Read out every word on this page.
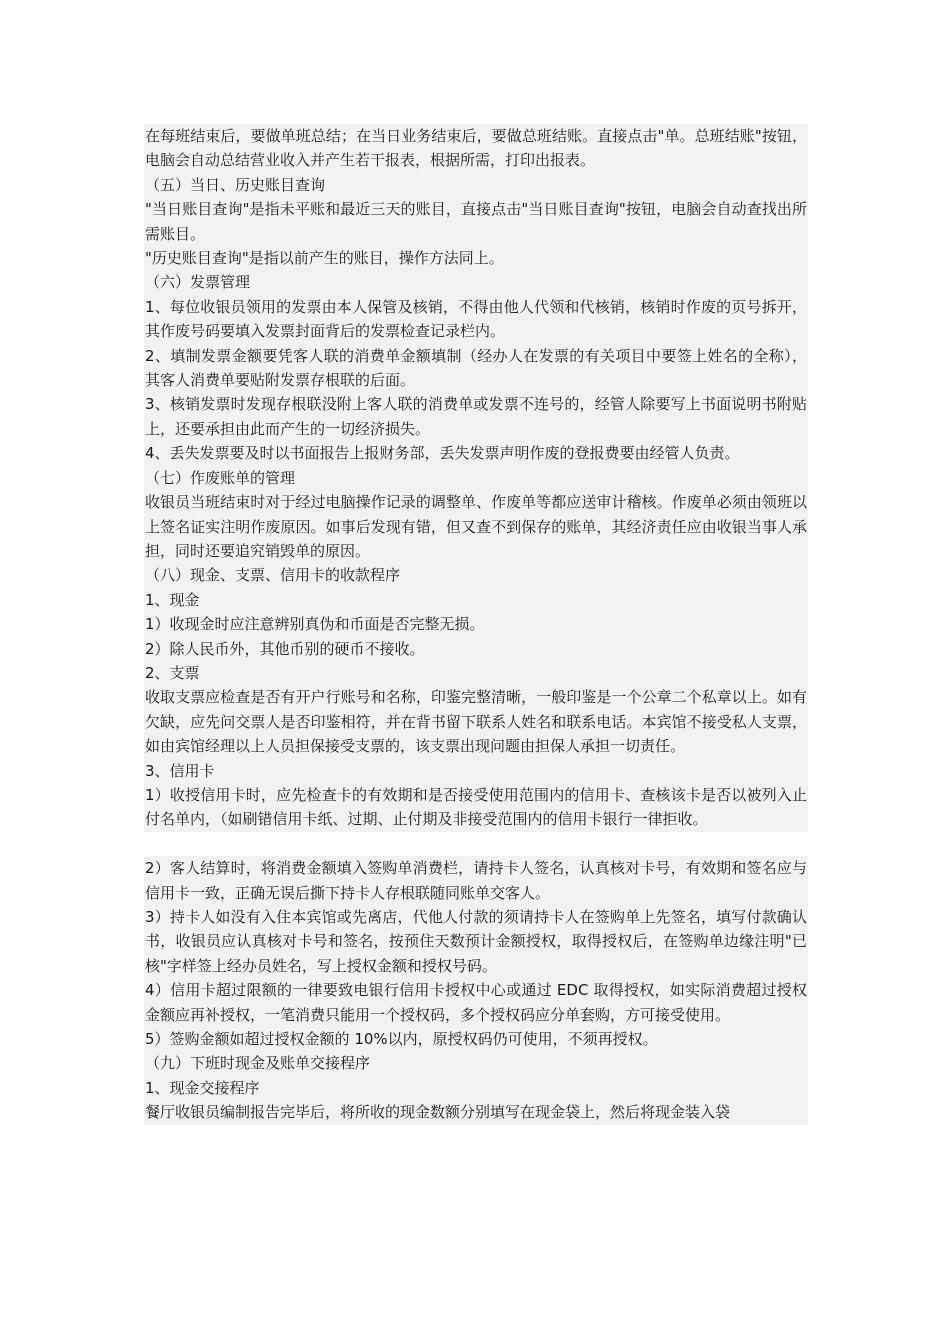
在每班结束后，要做单班总结；在当日业务结束后，要做总班结账。直接点击"单。总班结账"按钮，电脑会自动总结营业收入并产生若干报表，根据所需，打印出报表。

（五）当日、历史账目查询

"当日账目查询"是指未平账和最近三天的账目，直接点击"当日账目查询"按钮，电脑会自动查找出所需账目。

"历史账目查询"是指以前产生的账目，操作方法同上。

（六）发票管理

1、每位收银员领用的发票由本人保管及核销，不得由他人代领和代核销，核销时作废的页号拆开，其作废号码要填入发票封面背后的发票检查记录栏内。

2、填制发票金额要凭客人联的消费单金额填制（经办人在发票的有关项目中要签上姓名的全称），其客人消费单要贴附发票存根联的后面。

3、核销发票时发现存根联没附上客人联的消费单或发票不连号的，经管人除要写上书面说明书附贴上，还要承担由此而产生的一切经济损失。

4、丢失发票要及时以书面报告上报财务部，丢失发票声明作废的登报费要由经管人负责。

（七）作废账单的管理

收银员当班结束时对于经过电脑操作记录的调整单、作废单等都应送审计稽核。作废单必须由领班以上签名证实注明作废原因。如事后发现有错，但又查不到保存的账单，其经济责任应由收银当事人承担，同时还要追究销毁单的原因。

（八）现金、支票、信用卡的收款程序

1、现金

1）收现金时应注意辨别真伪和币面是否完整无损。

2）除人民币外，其他币别的硬币不接收。

2、支票

收取支票应检查是否有开户行账号和名称，印鉴完整清晰，一般印鉴是一个公章二个私章以上。如有欠缺，应先问交票人是否印鉴相符，并在背书留下联系人姓名和联系电话。本宾馆不接受私人支票，如由宾馆经理以上人员担保接受支票的，该支票出现问题由担保人承担一切责任。

3、信用卡

1）收授信用卡时，应先检查卡的有效期和是否接受使用范围内的信用卡、查核该卡是否以被列入止付名单内，（如刷错信用卡纸、过期、止付期及非接受范围内的信用卡银行一律拒收。

2）客人结算时，将消费金额填入签购单消费栏，请持卡人签名，认真核对卡号，有效期和签名应与信用卡一致，正确无误后撕下持卡人存根联随同账单交客人。

3）持卡人如没有入住本宾馆或先离店，代他人付款的须请持卡人在签购单上先签名，填写付款确认书，收银员应认真核对卡号和签名，按预住天数预计金额授权，取得授权后，在签购单边缘注明"已核"字样签上经办员姓名，写上授权金额和授权号码。

4）信用卡超过限额的一律要致电银行信用卡授权中心或通过 EDC 取得授权，如实际消费超过授权金额应再补授权，一笔消费只能用一个授权码，多个授权码应分单套购，方可接受使用。

5）签购金额如超过授权金额的 10%以内，原授权码仍可使用，不须再授权。

（九）下班时现金及账单交接程序

1、现金交接程序

餐厅收银员编制报告完毕后，将所收的现金数额分别填写在现金袋上，然后将现金装入袋
